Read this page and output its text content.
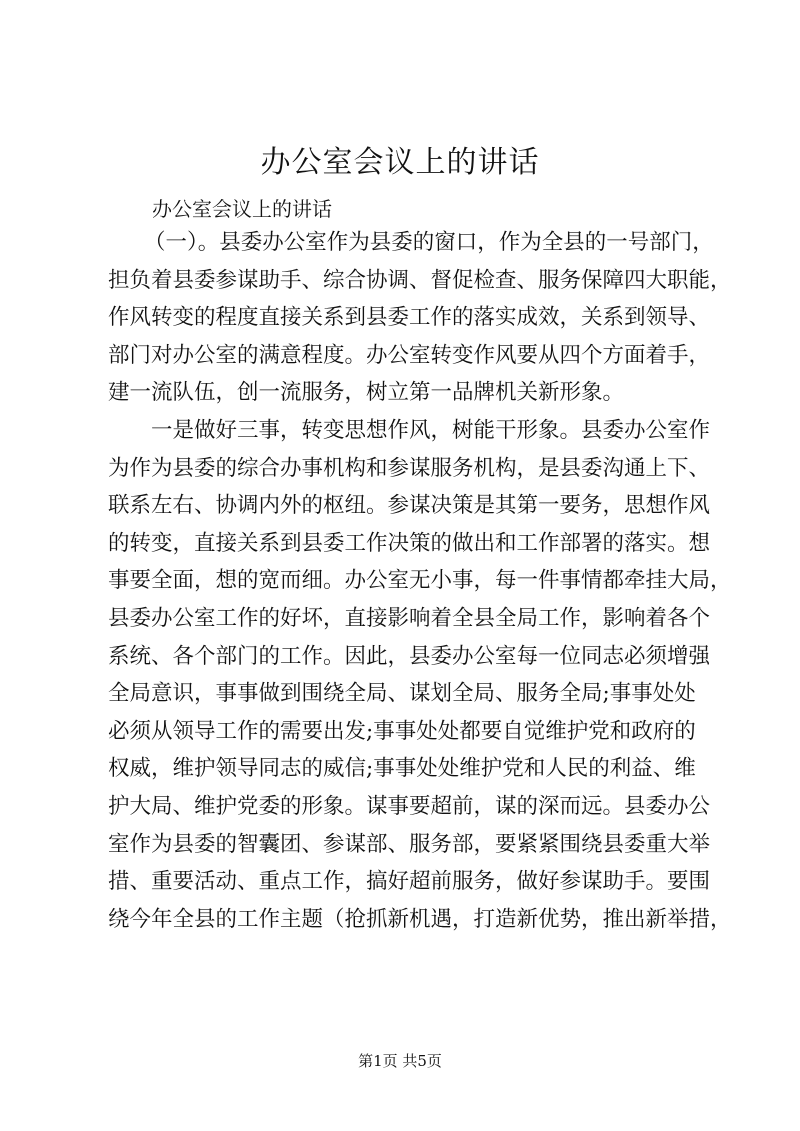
办公室会议上的讲话

办公室会议上的讲话

（一）。县委办公室作为县委的窗口，作为全县的一号部门，
担负着县委参谋助手、综合协调、督促检查、服务保障四大职能，
作风转变的程度直接关系到县委工作的落实成效，关系到领导、
部门对办公室的满意程度。办公室转变作风要从四个方面着手，
建一流队伍，创一流服务，树立第一品牌机关新形象。

一是做好三事，转变思想作风，树能干形象。县委办公室作
为作为县委的综合办事机构和参谋服务机构，是县委沟通上下、
联系左右、协调内外的枢纽。参谋决策是其第一要务，思想作风
的转变，直接关系到县委工作决策的做出和工作部署的落实。想
事要全面，想的宽而细。办公室无小事，每一件事情都牵挂大局，
县委办公室工作的好坏，直接影响着全县全局工作，影响着各个
系统、各个部门的工作。因此，县委办公室每一位同志必须增强
全局意识，事事做到围绕全局、谋划全局、服务全局;事事处处
必须从领导工作的需要出发;事事处处都要自觉维护党和政府的
权威，维护领导同志的威信;事事处处维护党和人民的利益、维
护大局、维护党委的形象。谋事要超前，谋的深而远。县委办公
室作为县委的智囊团、参谋部、服务部，要紧紧围绕县委重大举
措、重要活动、重点工作，搞好超前服务，做好参谋助手。要围
绕今年全县的工作主题（抢抓新机遇，打造新优势，推出新举措，

第1页 共5页
